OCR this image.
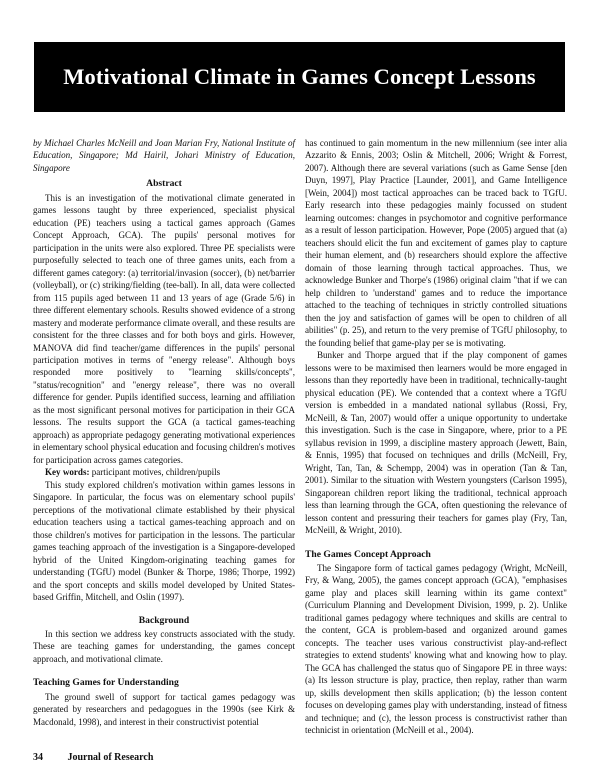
Motivational Climate in Games Concept Lessons

by Michael Charles McNeill and Joan Marian Fry, National Institute of Education, Singapore; Md Hairil, Johari Ministry of Education, Singapore

Abstract

This is an investigation of the motivational climate generated in games lessons taught by three experienced, specialist physical education (PE) teachers using a tactical games approach (Games Concept Approach, GCA). The pupils' personal motives for participation in the units were also explored. Three PE specialists were purposefully selected to teach one of three games units, each from a different games category: (a) territorial/invasion (soccer), (b) net/barrier (volleyball), or (c) striking/fielding (tee-ball). In all, data were collected from 115 pupils aged between 11 and 13 years of age (Grade 5/6) in three different elementary schools. Results showed evidence of a strong mastery and moderate performance climate overall, and these results are consistent for the three classes and for both boys and girls. However, MANOVA did find teacher/game differences in the pupils' personal participation motives in terms of "energy release". Although boys responded more positively to "learning skills/concepts", "status/recognition" and "energy release", there was no overall difference for gender. Pupils identified success, learning and affiliation as the most significant personal motives for participation in their GCA lessons. The results support the GCA (a tactical games-teaching approach) as appropriate pedagogy generating motivational experiences in elementary school physical education and focusing children's motives for participation across games categories.

Key words: participant motives, children/pupils

This study explored children's motivation within games lessons in Singapore. In particular, the focus was on elementary school pupils' perceptions of the motivational climate established by their physical education teachers using a tactical games-teaching approach and on those children's motives for participation in the lessons. The particular games teaching approach of the investigation is a Singapore-developed hybrid of the United Kingdom-originating teaching games for understanding (TGfU) model (Bunker & Thorpe, 1986; Thorpe, 1992) and the sport concepts and skills model developed by United States-based Griffin, Mitchell, and Oslin (1997).

Background

In this section we address key constructs associated with the study. These are teaching games for understanding, the games concept approach, and motivational climate.

Teaching Games for Understanding

The ground swell of support for tactical games pedagogy was generated by researchers and pedagogues in the 1990s (see Kirk & Macdonald, 1998), and interest in their constructivist potential

has continued to gain momentum in the new millennium (see inter alia Azzarito & Ennis, 2003; Oslin & Mitchell, 2006; Wright & Forrest, 2007). Although there are several variations (such as Game Sense [den Duyn, 1997], Play Practice [Launder, 2001], and Game Intelligence [Wein, 2004]) most tactical approaches can be traced back to TGfU. Early research into these pedagogies mainly focussed on student learning outcomes: changes in psychomotor and cognitive performance as a result of lesson participation. However, Pope (2005) argued that (a) teachers should elicit the fun and excitement of games play to capture their human element, and (b) researchers should explore the affective domain of those learning through tactical approaches. Thus, we acknowledge Bunker and Thorpe's (1986) original claim "that if we can help children to 'understand' games and to reduce the importance attached to the teaching of techniques in strictly controlled situations then the joy and satisfaction of games will be open to children of all abilities" (p. 25), and return to the very premise of TGfU philosophy, to the founding belief that game-play per se is motivating.

Bunker and Thorpe argued that if the play component of games lessons were to be maximised then learners would be more engaged in lessons than they reportedly have been in traditional, technically-taught physical education (PE). We contended that a context where a TGfU version is embedded in a mandated national syllabus (Rossi, Fry, McNeill, & Tan, 2007) would offer a unique opportunity to undertake this investigation. Such is the case in Singapore, where, prior to a PE syllabus revision in 1999, a discipline mastery approach (Jewett, Bain, & Ennis, 1995) that focused on techniques and drills (McNeill, Fry, Wright, Tan, Tan, & Schempp, 2004) was in operation (Tan & Tan, 2001). Similar to the situation with Western youngsters (Carlson 1995), Singaporean children report liking the traditional, technical approach less than learning through the GCA, often questioning the relevance of lesson content and pressuring their teachers for games play (Fry, Tan, McNeill, & Wright, 2010).

The Games Concept Approach

The Singapore form of tactical games pedagogy (Wright, McNeill, Fry, & Wang, 2005), the games concept approach (GCA), "emphasises game play and places skill learning within its game context" (Curriculum Planning and Development Division, 1999, p. 2). Unlike traditional games pedagogy where techniques and skills are central to the content, GCA is problem-based and organized around games concepts. The teacher uses various constructivist play-and-reflect strategies to extend students' knowing what and knowing how to play. The GCA has challenged the status quo of Singapore PE in three ways: (a) Its lesson structure is play, practice, then replay, rather than warm up, skills development then skills application; (b) the lesson content focuses on developing games play with understanding, instead of fitness and technique; and (c), the lesson process is constructivist rather than technicist in orientation (McNeill et al., 2004).

34 Journal of Research
